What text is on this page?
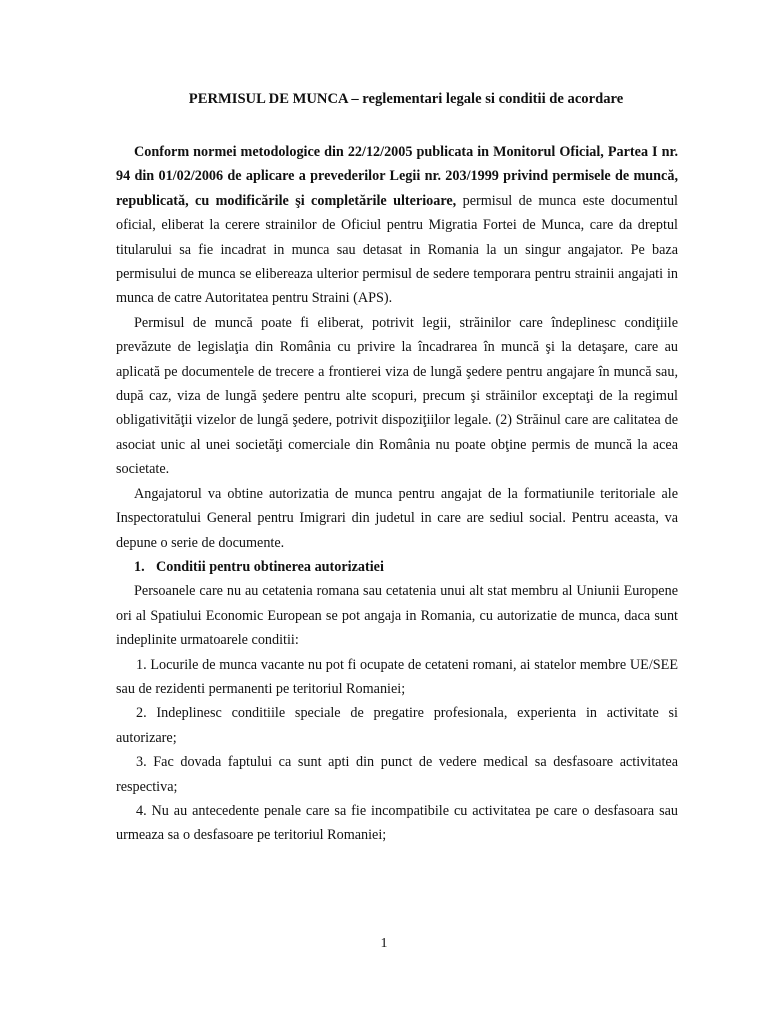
PERMISUL DE MUNCA – reglementari legale si conditii de acordare

Conform normei metodologice din 22/12/2005 publicata in Monitorul Oficial, Partea I nr. 94 din 01/02/2006 de aplicare a prevederilor Legii nr. 203/1999 privind permisele de muncă, republicată, cu modificările şi completările ulterioare, permisul de munca este documentul oficial, eliberat la cerere strainilor de Oficiul pentru Migratia Fortei de Munca, care da dreptul titularului sa fie incadrat in munca sau detasat in Romania la un singur angajator. Pe baza permisului de munca se elibereaza ulterior permisul de sedere temporara pentru strainii angajati in munca de catre Autoritatea pentru Straini (APS).

Permisul de muncă poate fi eliberat, potrivit legii, străinilor care îndeplinesc condiţiile prevăzute de legislaţia din România cu privire la încadrarea în muncă şi la detaşare, care au aplicată pe documentele de trecere a frontierei viza de lungă şedere pentru angajare în muncă sau, după caz, viza de lungă şedere pentru alte scopuri, precum şi străinilor exceptaţi de la regimul obligativităţii vizelor de lungă şedere, potrivit dispoziţiilor legale. (2) Străinul care are calitatea de asociat unic al unei societăţi comerciale din România nu poate obţine permis de muncă la acea societate.

Angajatorul va obtine autorizatia de munca pentru angajat de la formatiunile teritoriale ale Inspectoratului General pentru Imigrari din judetul in care are sediul social. Pentru aceasta, va depune o serie de documente.

1. Conditii pentru obtinerea autorizatiei

Persoanele care nu au cetatenia romana sau cetatenia unui alt stat membru al Uniunii Europene ori al Spatiului Economic European se pot angaja in Romania, cu autorizatie de munca, daca sunt indeplinite urmatoarele conditii:

1. Locurile de munca vacante nu pot fi ocupate de cetateni romani, ai statelor membre UE/SEE sau de rezidenti permanenti pe teritoriul Romaniei;

2. Indeplinesc conditiile speciale de pregatire profesionala, experienta in activitate si autorizare;

3. Fac dovada faptului ca sunt apti din punct de vedere medical sa desfasoare activitatea respectiva;

4. Nu au antecedente penale care sa fie incompatibile cu activitatea pe care o desfasoara sau urmeaza sa o desfasoare pe teritoriul Romaniei;

1
